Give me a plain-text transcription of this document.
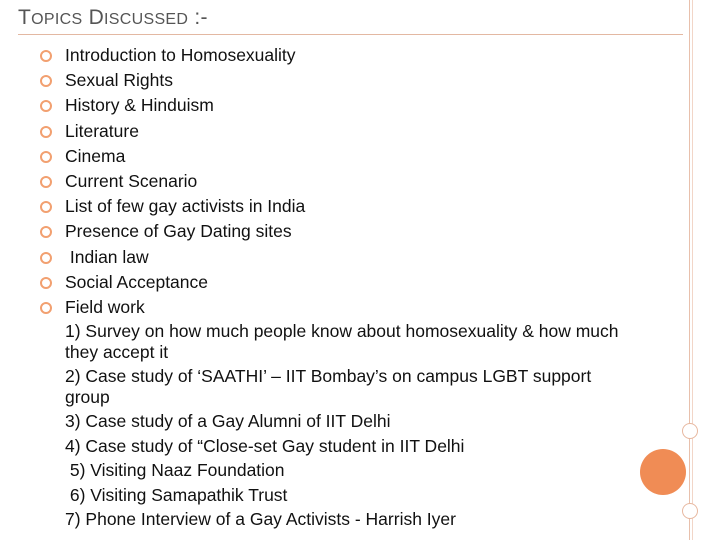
TOPICS DISCUSSED :-
Introduction to Homosexuality
Sexual Rights
History & Hinduism
Literature
Cinema
Current Scenario
List of few gay activists in India
Presence of Gay Dating sites
Indian law
Social Acceptance
Field work
1) Survey on how much people know about homosexuality & how much they accept it
2) Case study of ‘SAATHI’ – IIT Bombay’s on campus LGBT support group
3) Case study of a Gay Alumni of IIT Delhi
4) Case study of “Close-set Gay student in IIT Delhi
5) Visiting Naaz Foundation
6) Visiting Samapathik Trust
7) Phone Interview of a Gay Activists - Harrish Iyer
